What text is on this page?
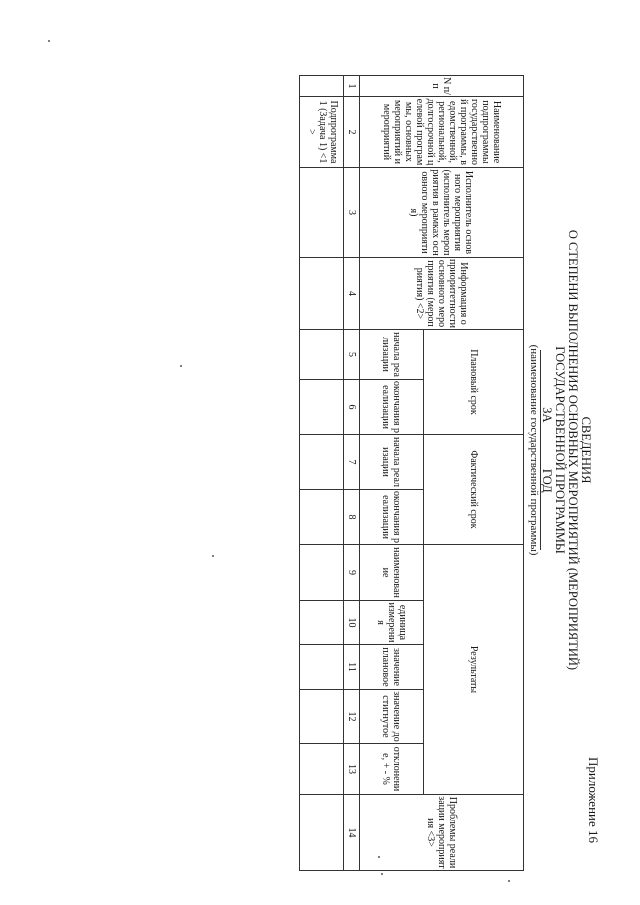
Приложение 16
СВЕДЕНИЯ
О СТЕПЕНИ ВЫПОЛНЕНИЯ ОСНОВНЫХ МЕРОПРИЯТИЙ (МЕРОПРИЯТИЙ)
ГОСУДАРСТВЕННОЙ ПРОГРАММЫ
ЗА  ГОД
(наименование государственной программы)
N п/ п	Наименование подпрограммы государственной программы, ведомственной, региональной, долгосрочной целевой программы, основных мероприятий и мероприятий	Исполнитель основного мероприятия (исполнитель мероприятия в рамках основного мероприятия)	Информация о приоритетности основного мероприятия (мероприятия) <2>	Плановый срок		Фактический срок		Результаты					Проблемы реализации мероприятия <3>
				начала реализации	окончания реализации	начала реализации	окончания реализации	наименование	единица измерения	значение плановое	значение достигнутое	отклонение, + - %	
1	2	3	4	5	6	7	8	9	10	11	12	13	14
	Подпрограмма 1 (Задача 1) <1>												
